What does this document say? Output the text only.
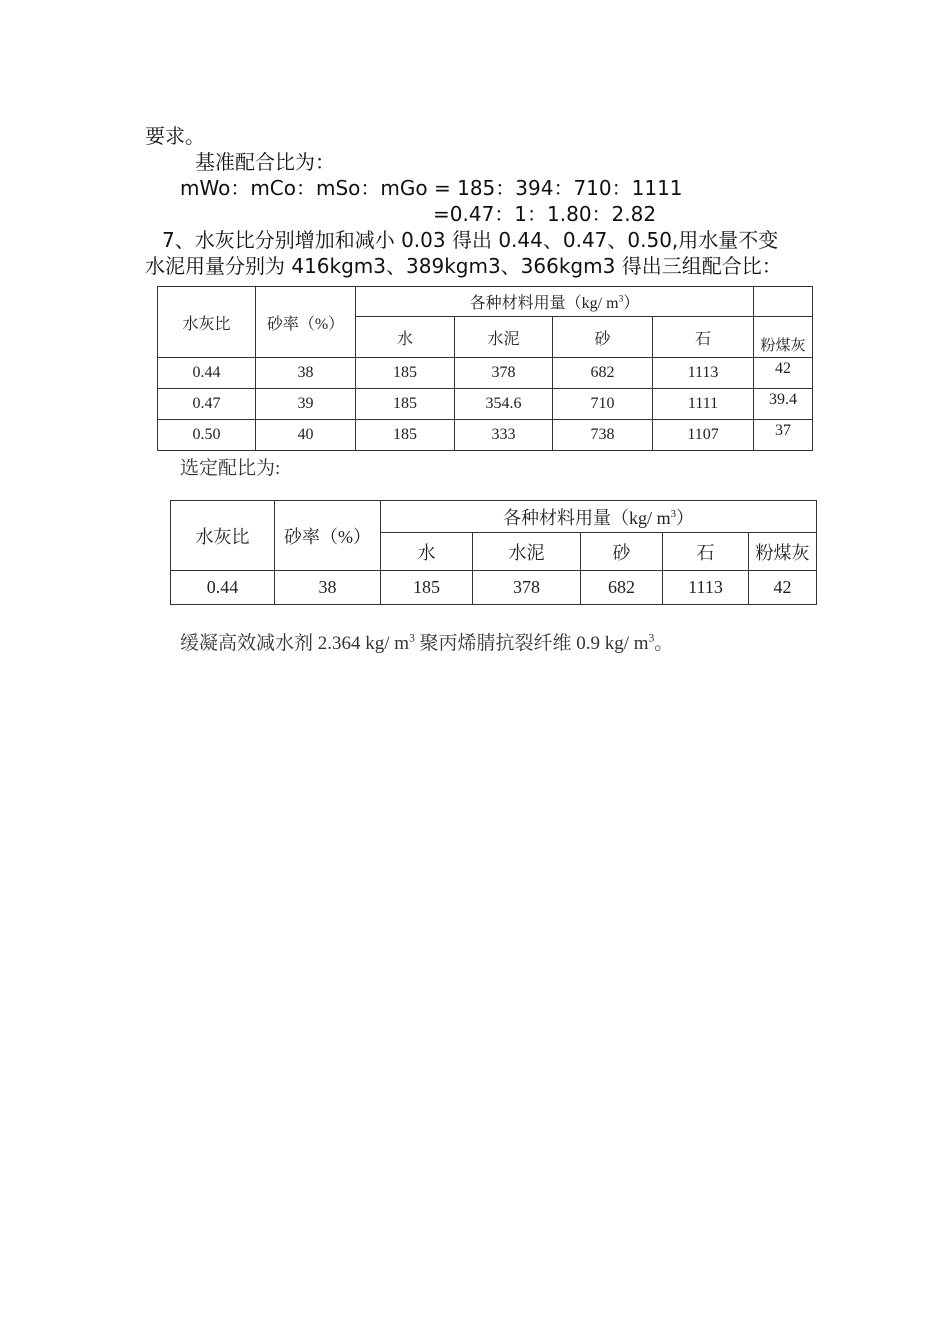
要求。
基准配合比为：
mWo：mCo：mSo：mGo = 185：394：710：1111
=0.47：1：1.80：2.82
7、水灰比分别增加和减小 0.03 得出 0.44、0.47、0.50,用水量不变
水泥用量分别为 416kgm3、389kgm3、366kgm3 得出三组配合比：
水灰比	砂率（%）	各种材料用量（kg/ $m^3$）				
		水	水泥	砂	石	粉煤灰
0.44	38	185	378	682	1113	42
0.47	39	185	354.6	710	1111	39.4
0.50	40	185	333	738	1107	37
选定配比为:
水灰比	砂率（%）	各种材料用量（kg/ $m^3$）				
		水	水泥	砂	石	粉煤灰
0.44	38	185	378	682	1113	42
缓凝高效减水剂 2.364 kg/ $m^3$ 聚丙烯腈抗裂纤维 0.9 kg/ $m^3$。
